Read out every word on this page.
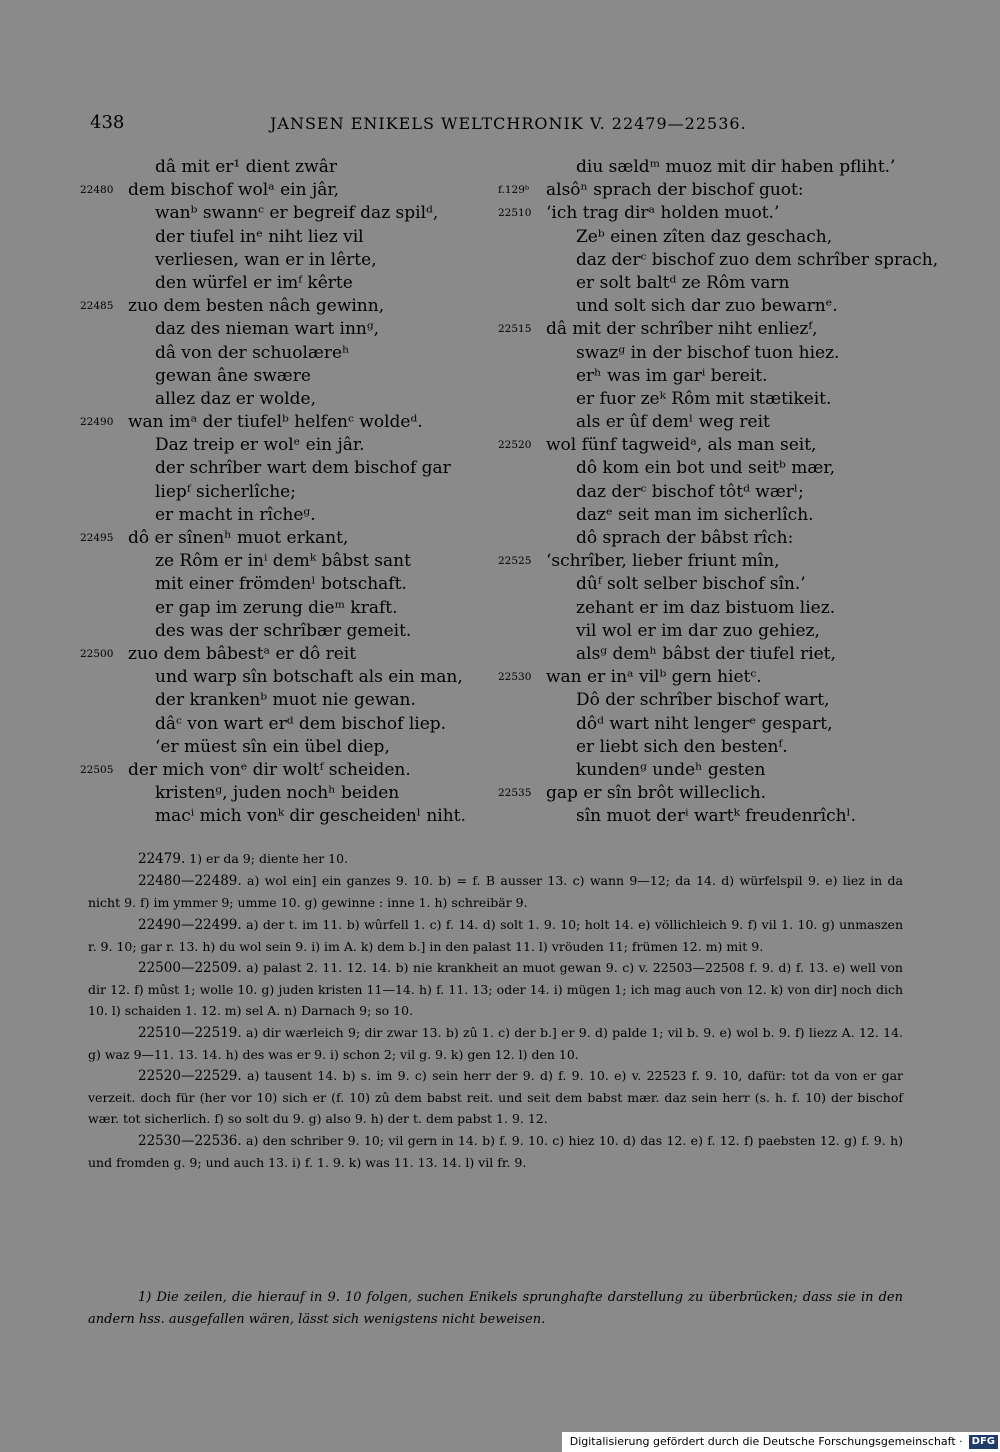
438	JANSEN ENIKELS WELTCHRONIK V. 22479—22536.
dâ mit er¹ dient zwâr
22480 dem bischof wolᵃ ein jâr,
wanᵇ swannᶜ er begreif daz spilᵈ,
der tiufel inᵉ niht liez vil
verliesen, wan er in lêrte,
den würfel er imᶠ kêrte
22485 zuo dem besten nâch gewinn,
daz des nieman wart innᵍ,
dâ von der schuolæreʰ
gewan âne swære
allez daz er wolde,
22490 wan imᵃ der tiufelᵇ helfenᶜ woldeᵈ.
Daz treip er wolᵉ ein jâr.
der schrîber wart dem bischof gar
liepᶠ sicherlîche;
er macht in rîcheᵍ.
22495 dô er sînenʰ muot erkant,
ze Rôm er inⁱ demᵏ bâbst sant
mit einer frömdenˡ botschaft.
er gap im zerung dieᵐ kraft.
des was der schrîbær gemeit.
22500 zuo dem bâbestᵃ er dô reit
und warp sîn botschaft als ein man,
der krankenᵇ muot nie gewan.
dâᶜ von wart erᵈ dem bischof liep.
‘er müest sîn ein übel diep,
22505 der mich vonᵉ dir woltᶠ scheiden.
kristenᵍ, juden nochʰ beiden
macⁱ mich vonᵏ dir gescheidenˡ niht.
diu sældᵐ muoz mit dir haben pfliht.’
f.129ᵇ alsôⁿ sprach der bischof guot:
22510 ‘ich trag dirᵃ holden muot.’
Zeᵇ einen zîten daz geschach,
daz derᶜ bischof zuo dem schrîber sprach,
er solt baltᵈ ze Rôm varn
und solt sich dar zuo bewarnᵉ.
22515 dâ mit der schrîber niht enliezᶠ,
swazᵍ in der bischof tuon hiez.
erʰ was im garⁱ bereit.
er fuor zeᵏ Rôm mit stætikeit.
als er ûf demˡ weg reit
22520 wol fünf tagweidᵃ, als man seit,
dô kom ein bot und seitᵇ mær,
daz derᶜ bischof tôtᵈ wærˡ;
dazᵉ seit man im sicherlîch.
dô sprach der bâbst rîch:
22525 ‘schrîber, lieber friunt mîn,
dûᶠ solt selber bischof sîn.’
zehant er im daz bistuom liez.
vil wol er im dar zuo gehiez,
alsᵍ demʰ bâbst der tiufel riet,
22530 wan er inᵃ vilᵇ gern hietᶜ.
Dô der schrîber bischof wart,
dôᵈ wart niht lengerᵉ gespart,
er liebt sich den bestenᶠ.
kundenᵍ undeʰ gesten
22535 gap er sîn brôt willeclich.
sîn muot derⁱ wartᵏ freudenrîchˡ.

22479. 1) er da 9; diente her 10.

22480—22489. a) wol ein] ein ganzes 9. 10. b) = f. B ausser 13. c) wann 9—12; da 14. d) würfelspil 9. e) liez in da nicht 9. f) im ymmer 9; umme 10. g) gewinne : inne 1. h) schreibär 9.

22490—22499. a) der t. im 11. b) wûrfell 1. c) f. 14. d) solt 1. 9. 10; holt 14. e) völlichleich 9. f) vil 1. 10. g) unmaszen r. 9. 10; gar r. 13. h) du wol sein 9. i) im A. k) dem b.] in den palast 11. l) vröuden 11; frümen 12. m) mit 9.

22500—22509. a) palast 2. 11. 12. 14. b) nie krankheit an muot gewan 9. c) v. 22503—22508 f. 9. d) f. 13. e) well von dir 12. f) mûst 1; wolle 10. g) juden kristen 11—14. h) f. 11. 13; oder 14. i) mügen 1; ich mag auch von 12. k) von dir] noch dich 10. l) schaiden 1. 12. m) sel A. n) Darnach 9; so 10.

22510—22519. a) dir wærleich 9; dir zwar 13. b) zû 1. c) der b.] er 9. d) palde 1; vil b. 9. e) wol b. 9. f) liezz A. 12. 14. g) waz 9—11. 13. 14. h) des was er 9. i) schon 2; vil g. 9. k) gen 12. l) den 10.

22520—22529. a) tausent 14. b) s. im 9. c) sein herr der 9. d) f. 9. 10. e) v. 22523 f. 9. 10, dafür: tot da von er gar verzeit. doch für (her vor 10) sich er (f. 10) zû dem babst reit. und seit dem babst mær. daz sein herr (s. h. f. 10) der bischof wær. tot sicherlich. f) so solt du 9. g) also 9. h) der t. dem pabst 1. 9. 12.

22530—22536. a) den schriber 9. 10; vil gern in 14. b) f. 9. 10. c) hiez 10. d) das 12. e) f. 12. f) paebsten 12. g) f. 9. h) und fromden g. 9; und auch 13. i) f. 1. 9. k) was 11. 13. 14. l) vil fr. 9.

1) Die zeilen, die hierauf in 9. 10 folgen, suchen Enikels sprunghafte darstellung zu überbrücken; dass sie in den andern hss. ausgefallen wären, lässt sich wenigstens nicht beweisen.

Digitalisierung gefördert durch die Deutsche Forschungsgemeinschaft · DFG
